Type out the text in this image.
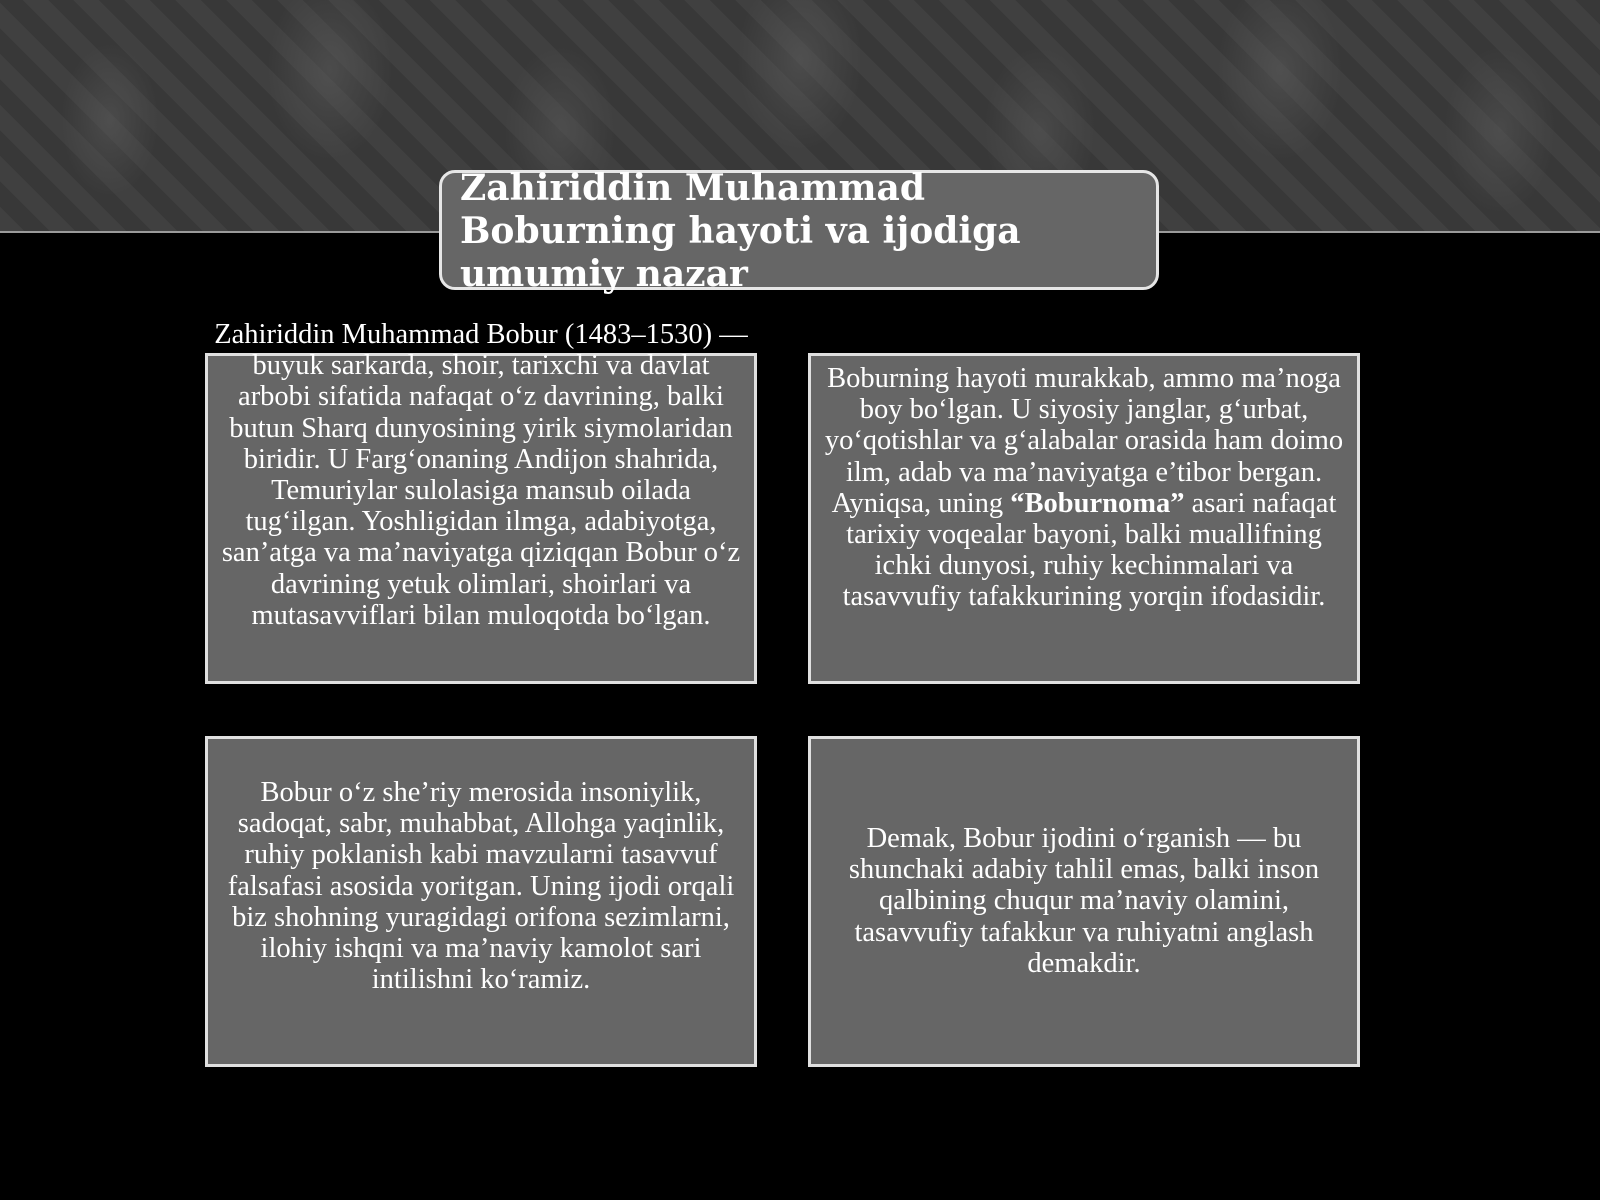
Zahiriddin Muhammad Boburning hayoti va ijodiga umumiy nazar

Zahiriddin Muhammad Bobur (1483–1530) — buyuk sarkarda, shoir, tarixchi va davlat arbobi sifatida nafaqat o‘z davrining, balki butun Sharq dunyosining yirik siymolaridan biridir. U Farg‘onaning Andijon shahrida, Temuriylar sulolasiga mansub oilada tug‘ilgan. Yoshligidan ilmga, adabiyotga, san’atga va ma’naviyatga qiziqqan Bobur o‘z davrining yetuk olimlari, shoirlari va mutasavviflari bilan muloqotda bo‘lgan.

Boburning hayoti murakkab, ammo ma’noga boy bo‘lgan. U siyosiy janglar, g‘urbat, yo‘qotishlar va g‘alabalar orasida ham doimo ilm, adab va ma’naviyatga e’tibor bergan. Ayniqsa, uning “Boburnoma” asari nafaqat tarixiy voqealar bayoni, balki muallifning ichki dunyosi, ruhiy kechinmalari va tasavvufiy tafakkurining yorqin ifodasidir.

Bobur o‘z she’riy merosida insoniylik, sadoqat, sabr, muhabbat, Allohga yaqinlik, ruhiy poklanish kabi mavzularni tasavvuf falsafasi asosida yoritgan. Uning ijodi orqali biz shohning yuragidagi orifona sezimlarni, ilohiy ishqni va ma’naviy kamolot sari intilishni ko‘ramiz.

Demak, Bobur ijodini o‘rganish — bu shunchaki adabiy tahlil emas, balki inson qalbining chuqur ma’naviy olamini, tasavvufiy tafakkur va ruhiyatni anglash demakdir.
